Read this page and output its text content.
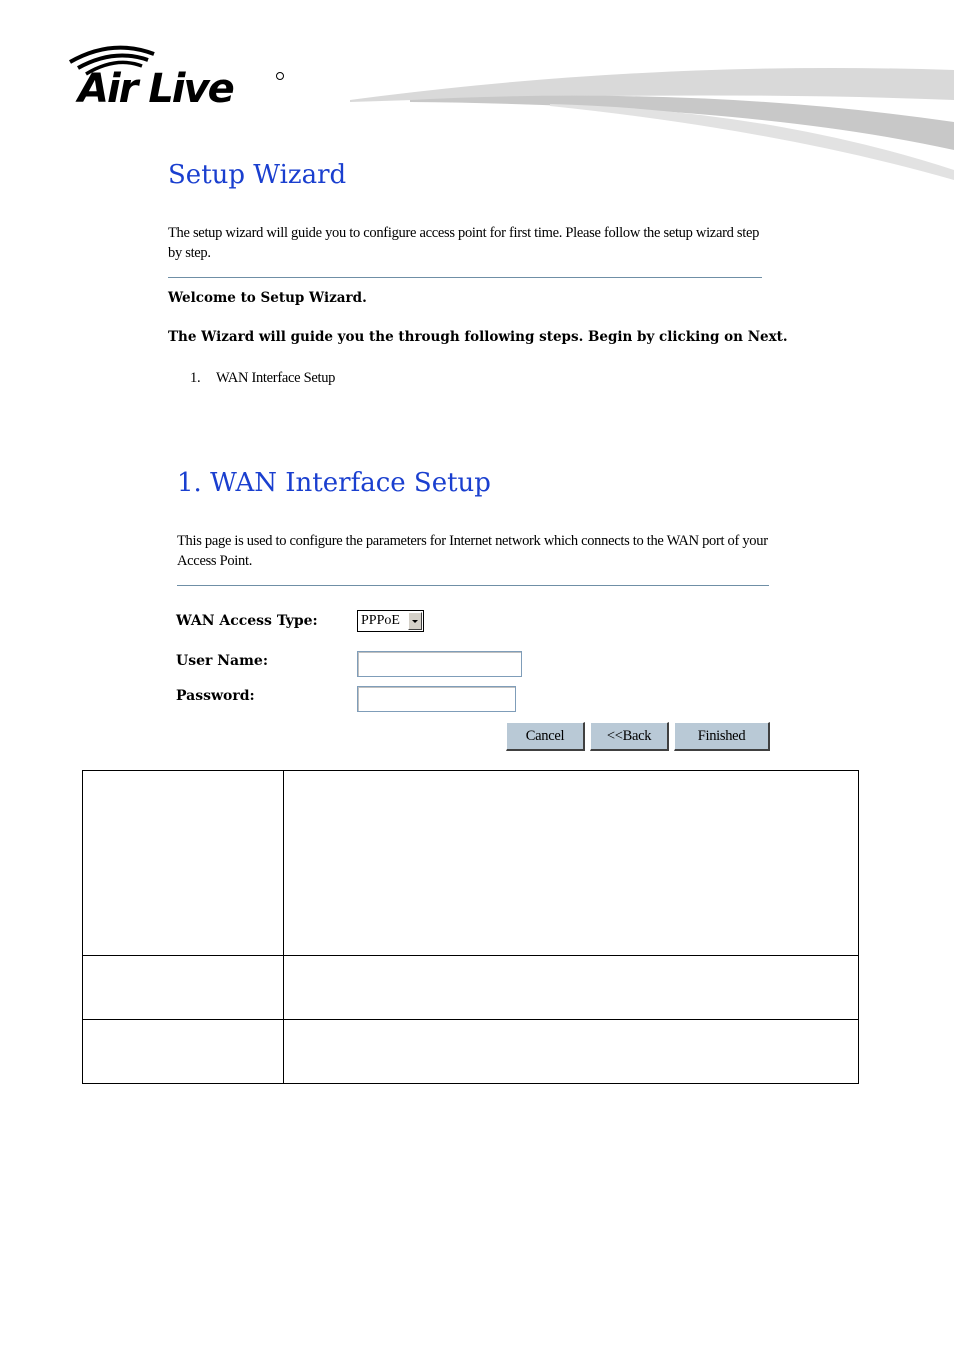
Air Live
Setup Wizard
The setup wizard will guide you to configure access point for first time. Please follow the setup wizard step by step.
Welcome to Setup Wizard.
The Wizard will guide you the through following steps. Begin by clicking on Next.
1. WAN Interface Setup
1. WAN Interface Setup
This page is used to configure the parameters for Internet network which connects to the WAN port of your Access Point.
WAN Access Type:	PPPoE
User Name:
Password:
Cancel	<<Back	Finished
